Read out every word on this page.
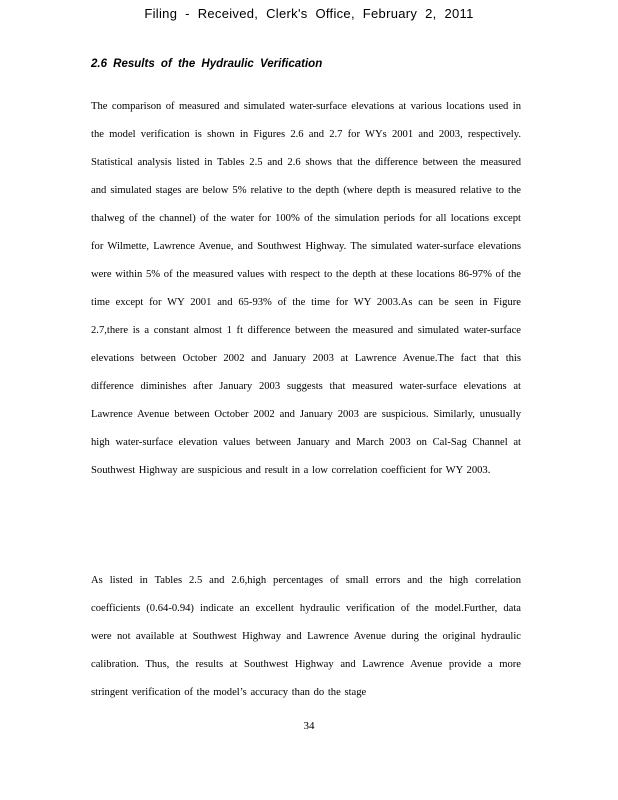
Filing - Received, Clerk's Office, February 2, 2011
2.6 Results of the Hydraulic Verification

The comparison of measured and simulated water-surface elevations at various locations used in the model verification is shown in Figures 2.6 and 2.7 for WYs 2001 and 2003, respectively. Statistical analysis listed in Tables 2.5 and 2.6 shows that the difference between the measured and simulated stages are below 5% relative to the depth (where depth is measured relative to the thalweg of the channel) of the water for 100% of the simulation periods for all locations except for Wilmette, Lawrence Avenue, and Southwest Highway. The simulated water-surface elevations were within 5% of the measured values with respect to the depth at these locations 86-97% of the time except for WY 2001 and 65-93% of the time for WY 2003.As can be seen in Figure 2.7,there is a constant almost 1 ft difference between the measured and simulated water-surface elevations between October 2002 and January 2003 at Lawrence Avenue.The fact that this difference diminishes after January 2003 suggests that measured water-surface elevations at Lawrence Avenue between October 2002 and January 2003 are suspicious. Similarly, unusually high water-surface elevation values between January and March 2003 on Cal-Sag Channel at Southwest Highway are suspicious and result in a low correlation coefficient for WY 2003.

As listed in Tables 2.5 and 2.6,high percentages of small errors and the high correlation coefficients (0.64-0.94) indicate an excellent hydraulic verification of the model.Further, data were not available at Southwest Highway and Lawrence Avenue during the original hydraulic calibration. Thus, the results at Southwest Highway and Lawrence Avenue provide a more stringent verification of the model’s accuracy than do the stage

34
